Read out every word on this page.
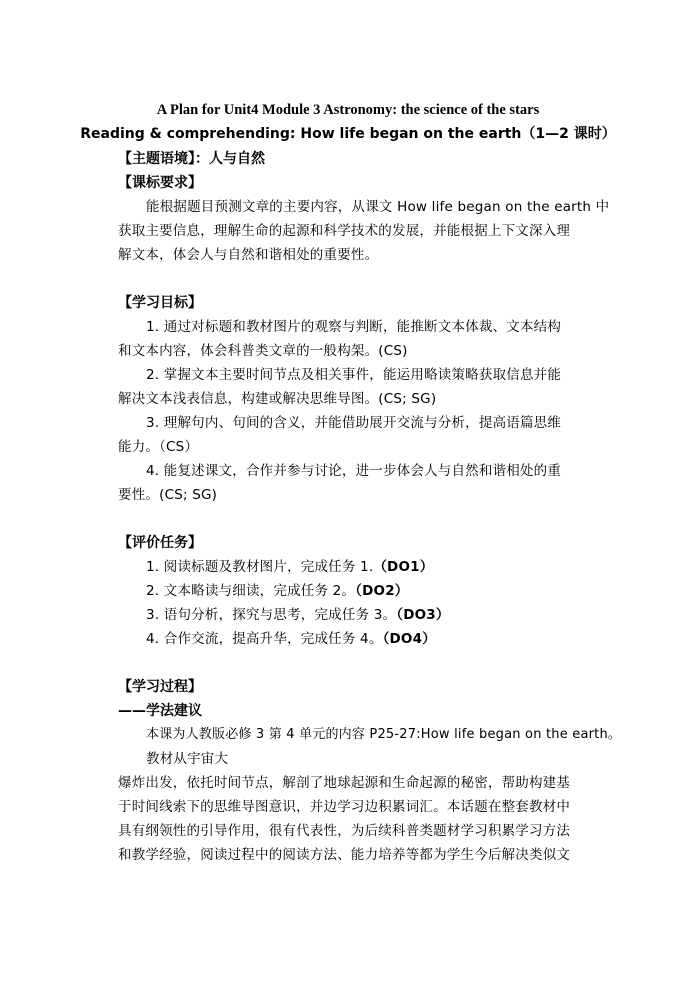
A Plan for Unit4 Module 3 Astronomy: the science of the stars
Reading & comprehending: How life began on the earth（1—2 课时）
【主题语境】：人与自然
【课标要求】
能根据题目预测文章的主要内容，从课文 How life began on the earth 中
获取主要信息，理解生命的起源和科学技术的发展，并能根据上下文深入理
解文本，体会人与自然和谐相处的重要性。
【学习目标】
1. 通过对标题和教材图片的观察与判断，能推断文本体裁、文本结构
和文本内容，体会科普类文章的一般构架。(CS)
2. 掌握文本主要时间节点及相关事件，能运用略读策略获取信息并能
解决文本浅表信息，构建或解决思维导图。(CS; SG)
3. 理解句内、句间的含义，并能借助展开交流与分析，提高语篇思维
能力。（CS）
4. 能复述课文，合作并参与讨论，进一步体会人与自然和谐相处的重
要性。(CS; SG)
【评价任务】
1. 阅读标题及教材图片，完成任务 1.（DO1）
2. 文本略读与细读，完成任务 2。（DO2）
3. 语句分析，探究与思考，完成任务 3。（DO3）
4. 合作交流，提高升华，完成任务 4。（DO4）
【学习过程】
——学法建议
本课为人教版必修 3 第 4 单元的内容 P25-27:How life began on the earth。
教材从宇宙大
爆炸出发，依托时间节点，解剖了地球起源和生命起源的秘密，帮助构建基
于时间线索下的思维导图意识，并边学习边积累词汇。本话题在整套教材中
具有纲领性的引导作用，很有代表性，为后续科普类题材学习积累学习方法
和教学经验，阅读过程中的阅读方法、能力培养等都为学生今后解决类似文
